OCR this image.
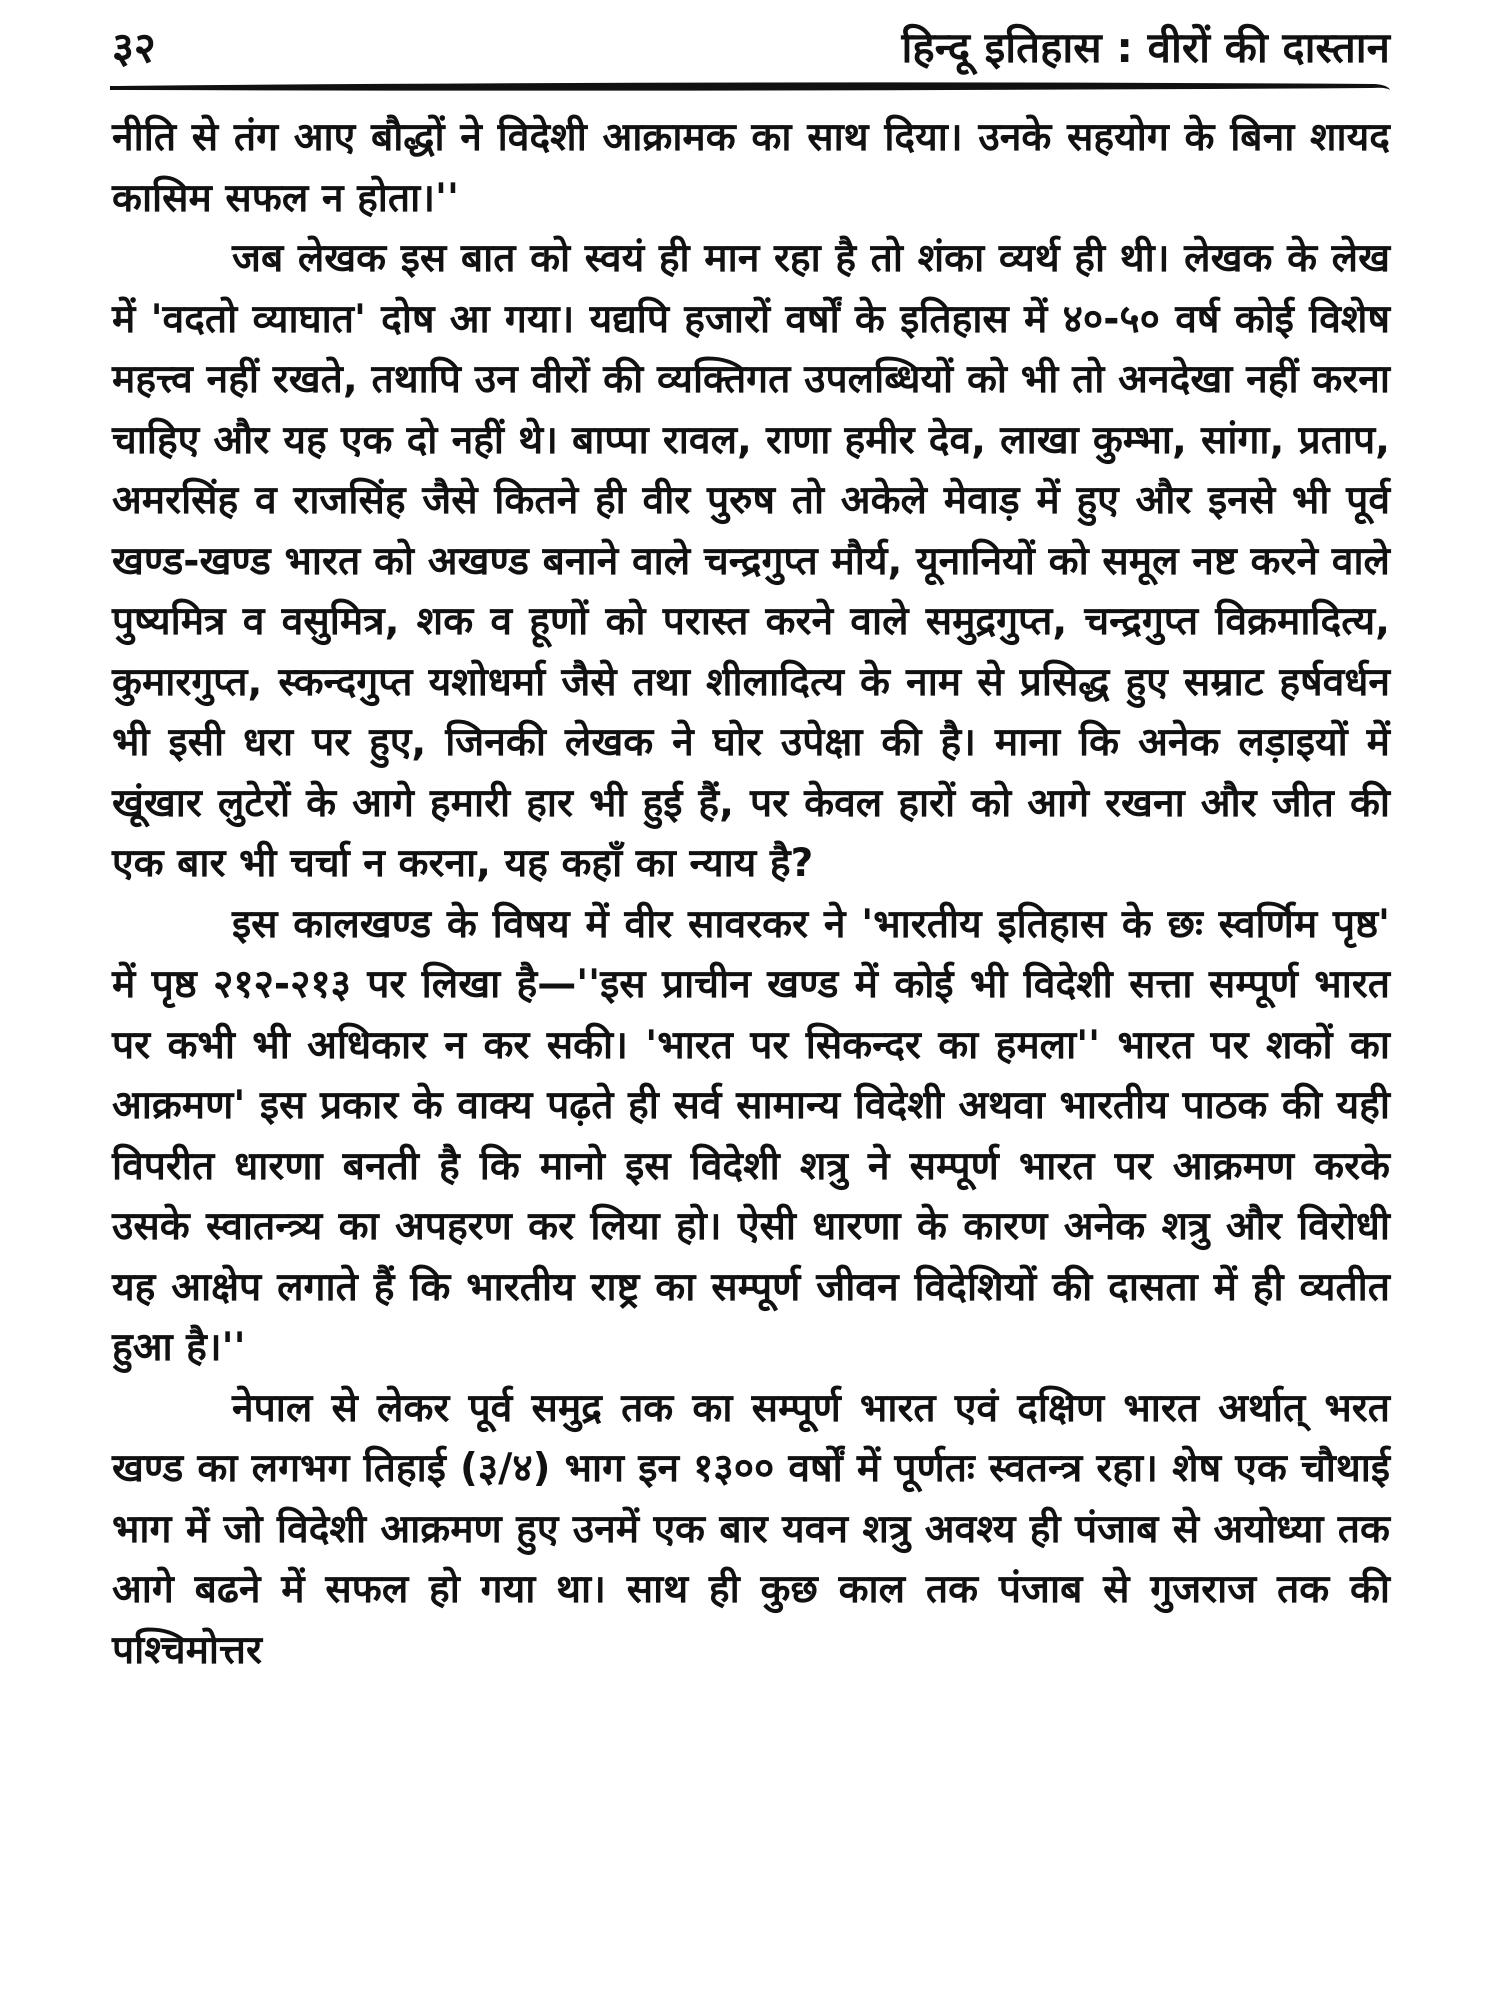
३२	हिन्दू इतिहास : वीरों की दास्तान

नीति से तंग आए बौद्धों ने विदेशी आक्रामक का साथ दिया। उनके सहयोग के बिना शायद कासिम सफल न होता।''

जब लेखक इस बात को स्वयं ही मान रहा है तो शंका व्यर्थ ही थी। लेखक के लेख में 'वदतो व्याघात' दोष आ गया। यद्यपि हजारों वर्षों के इतिहास में ४०-५० वर्ष कोई विशेष महत्त्व नहीं रखते, तथापि उन वीरों की व्यक्तिगत उपलब्धियों को भी तो अनदेखा नहीं करना चाहिए और यह एक दो नहीं थे। बाप्पा रावल, राणा हमीर देव, लाखा कुम्भा, सांगा, प्रताप, अमरसिंह व राजसिंह जैसे कितने ही वीर पुरुष तो अकेले मेवाड़ में हुए और इनसे भी पूर्व खण्ड-खण्ड भारत को अखण्ड बनाने वाले चन्द्रगुप्त मौर्य, यूनानियों को समूल नष्ट करने वाले पुष्यमित्र व वसुमित्र, शक व हूणों को परास्त करने वाले समुद्रगुप्त, चन्द्रगुप्त विक्रमादित्य, कुमारगुप्त, स्कन्दगुप्त यशोधर्मा जैसे तथा शीलादित्य के नाम से प्रसिद्ध हुए सम्राट हर्षवर्धन भी इसी धरा पर हुए, जिनकी लेखक ने घोर उपेक्षा की है। माना कि अनेक लड़ाइयों में खूंखार लुटेरों के आगे हमारी हार भी हुई हैं, पर केवल हारों को आगे रखना और जीत की एक बार भी चर्चा न करना, यह कहाँ का न्याय है?

इस कालखण्ड के विषय में वीर सावरकर ने 'भारतीय इतिहास के छः स्वर्णिम पृष्ठ' में पृष्ठ २१२-२१३ पर लिखा है—''इस प्राचीन खण्ड में कोई भी विदेशी सत्ता सम्पूर्ण भारत पर कभी भी अधिकार न कर सकी। 'भारत पर सिकन्दर का हमला'' भारत पर शकों का आक्रमण' इस प्रकार के वाक्य पढ़ते ही सर्व सामान्य विदेशी अथवा भारतीय पाठक की यही विपरीत धारणा बनती है कि मानो इस विदेशी शत्रु ने सम्पूर्ण भारत पर आक्रमण करके उसके स्वातन्त्र्य का अपहरण कर लिया हो। ऐसी धारणा के कारण अनेक शत्रु और विरोधी यह आक्षेप लगाते हैं कि भारतीय राष्ट्र का सम्पूर्ण जीवन विदेशियों की दासता में ही व्यतीत हुआ है।''

नेपाल से लेकर पूर्व समुद्र तक का सम्पूर्ण भारत एवं दक्षिण भारत अर्थात् भरत खण्ड का लगभग तिहाई (३/४) भाग इन १३०० वर्षों में पूर्णतः स्वतन्त्र रहा। शेष एक चौथाई भाग में जो विदेशी आक्रमण हुए उनमें एक बार यवन शत्रु अवश्य ही पंजाब से अयोध्या तक आगे बढने में सफल हो गया था। साथ ही कुछ काल तक पंजाब से गुजराज तक की पश्चिमोत्तर
